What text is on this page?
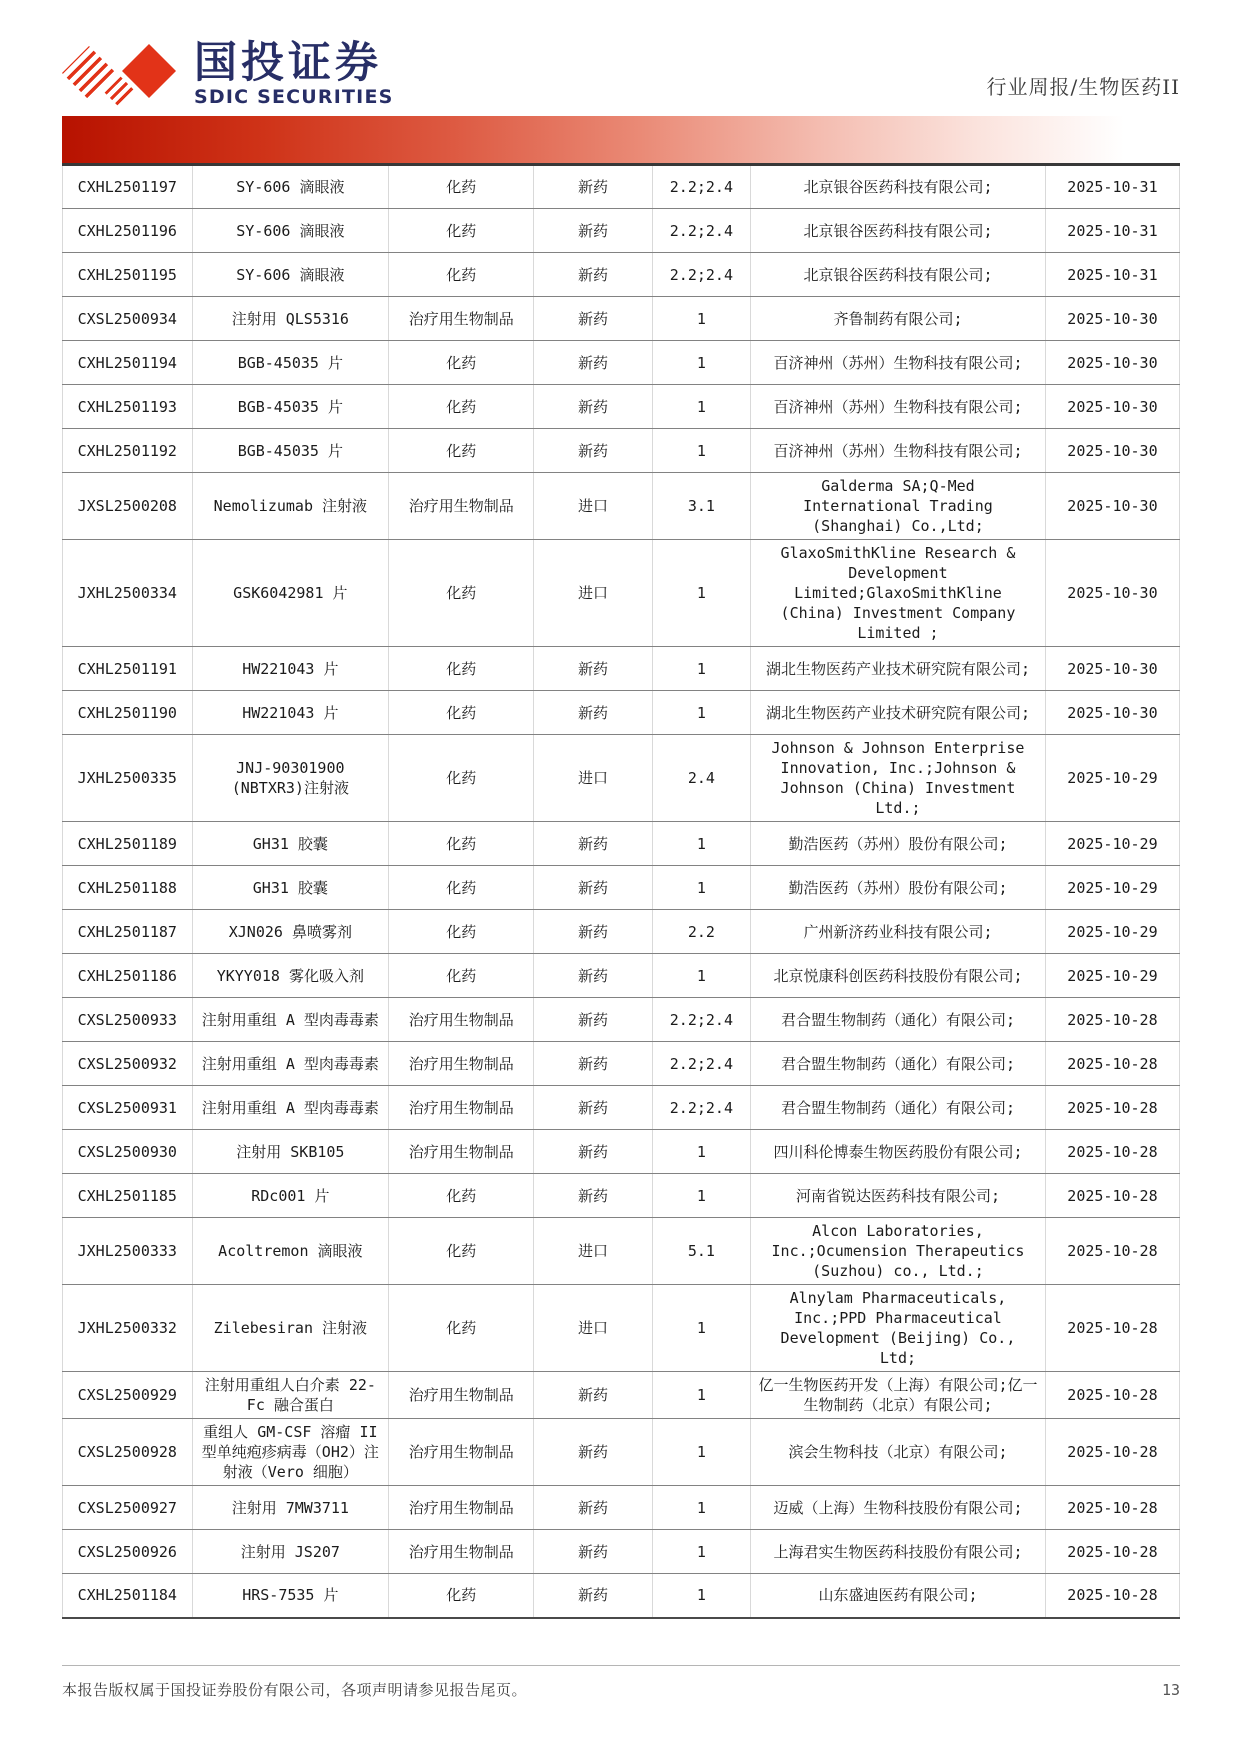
国投证券
SDIC SECURITIES	行业周报/生物医药II
CXHL2501197	SY-606 滴眼液	化药	新药	2.2;2.4	北京银谷医药科技有限公司;	2025-10-31
CXHL2501196	SY-606 滴眼液	化药	新药	2.2;2.4	北京银谷医药科技有限公司;	2025-10-31
CXHL2501195	SY-606 滴眼液	化药	新药	2.2;2.4	北京银谷医药科技有限公司;	2025-10-31
CXSL2500934	注射用 QLS5316	治疗用生物制品	新药	1	齐鲁制药有限公司;	2025-10-30
CXHL2501194	BGB-45035 片	化药	新药	1	百济神州（苏州）生物科技有限公司;	2025-10-30
CXHL2501193	BGB-45035 片	化药	新药	1	百济神州（苏州）生物科技有限公司;	2025-10-30
CXHL2501192	BGB-45035 片	化药	新药	1	百济神州（苏州）生物科技有限公司;	2025-10-30
JXSL2500208	Nemolizumab 注射液	治疗用生物制品	进口	3.1	Galderma SA;Q-Med International Trading (Shanghai) Co.,Ltd;	2025-10-30
JXHL2500334	GSK6042981 片	化药	进口	1	GlaxoSmithKline Research & Development Limited;GlaxoSmithKline (China) Investment Company Limited ;	2025-10-30
CXHL2501191	HW221043 片	化药	新药	1	湖北生物医药产业技术研究院有限公司;	2025-10-30
CXHL2501190	HW221043 片	化药	新药	1	湖北生物医药产业技术研究院有限公司;	2025-10-30
JXHL2500335	JNJ-90301900 (NBTXR3)注射液	化药	进口	2.4	Johnson & Johnson Enterprise Innovation, Inc.;Johnson & Johnson (China) Investment Ltd.;	2025-10-29
CXHL2501189	GH31 胶囊	化药	新药	1	勤浩医药（苏州）股份有限公司;	2025-10-29
CXHL2501188	GH31 胶囊	化药	新药	1	勤浩医药（苏州）股份有限公司;	2025-10-29
CXHL2501187	XJN026 鼻喷雾剂	化药	新药	2.2	广州新济药业科技有限公司;	2025-10-29
CXHL2501186	YKYY018 雾化吸入剂	化药	新药	1	北京悦康科创医药科技股份有限公司;	2025-10-29
CXSL2500933	注射用重组 A 型肉毒毒素	治疗用生物制品	新药	2.2;2.4	君合盟生物制药（通化）有限公司;	2025-10-28
CXSL2500932	注射用重组 A 型肉毒毒素	治疗用生物制品	新药	2.2;2.4	君合盟生物制药（通化）有限公司;	2025-10-28
CXSL2500931	注射用重组 A 型肉毒毒素	治疗用生物制品	新药	2.2;2.4	君合盟生物制药（通化）有限公司;	2025-10-28
CXSL2500930	注射用 SKB105	治疗用生物制品	新药	1	四川科伦博泰生物医药股份有限公司;	2025-10-28
CXHL2501185	RDc001 片	化药	新药	1	河南省锐达医药科技有限公司;	2025-10-28
JXHL2500333	Acoltremon 滴眼液	化药	进口	5.1	Alcon Laboratories, Inc.;Ocumension Therapeutics (Suzhou) co., Ltd.;	2025-10-28
JXHL2500332	Zilebesiran 注射液	化药	进口	1	Alnylam Pharmaceuticals, Inc.;PPD Pharmaceutical Development (Beijing) Co., Ltd;	2025-10-28
CXSL2500929	注射用重组人白介素 22-Fc 融合蛋白	治疗用生物制品	新药	1	亿一生物医药开发（上海）有限公司;亿一生物制药（北京）有限公司;	2025-10-28
CXSL2500928	重组人 GM-CSF 溶瘤 II 型单纯疱疹病毒（OH2）注射液（Vero 细胞）	治疗用生物制品	新药	1	滨会生物科技（北京）有限公司;	2025-10-28
CXSL2500927	注射用 7MW3711	治疗用生物制品	新药	1	迈威（上海）生物科技股份有限公司;	2025-10-28
CXSL2500926	注射用 JS207	治疗用生物制品	新药	1	上海君实生物医药科技股份有限公司;	2025-10-28
CXHL2501184	HRS-7535 片	化药	新药	1	山东盛迪医药有限公司;	2025-10-28
本报告版权属于国投证券股份有限公司，各项声明请参见报告尾页。	13
